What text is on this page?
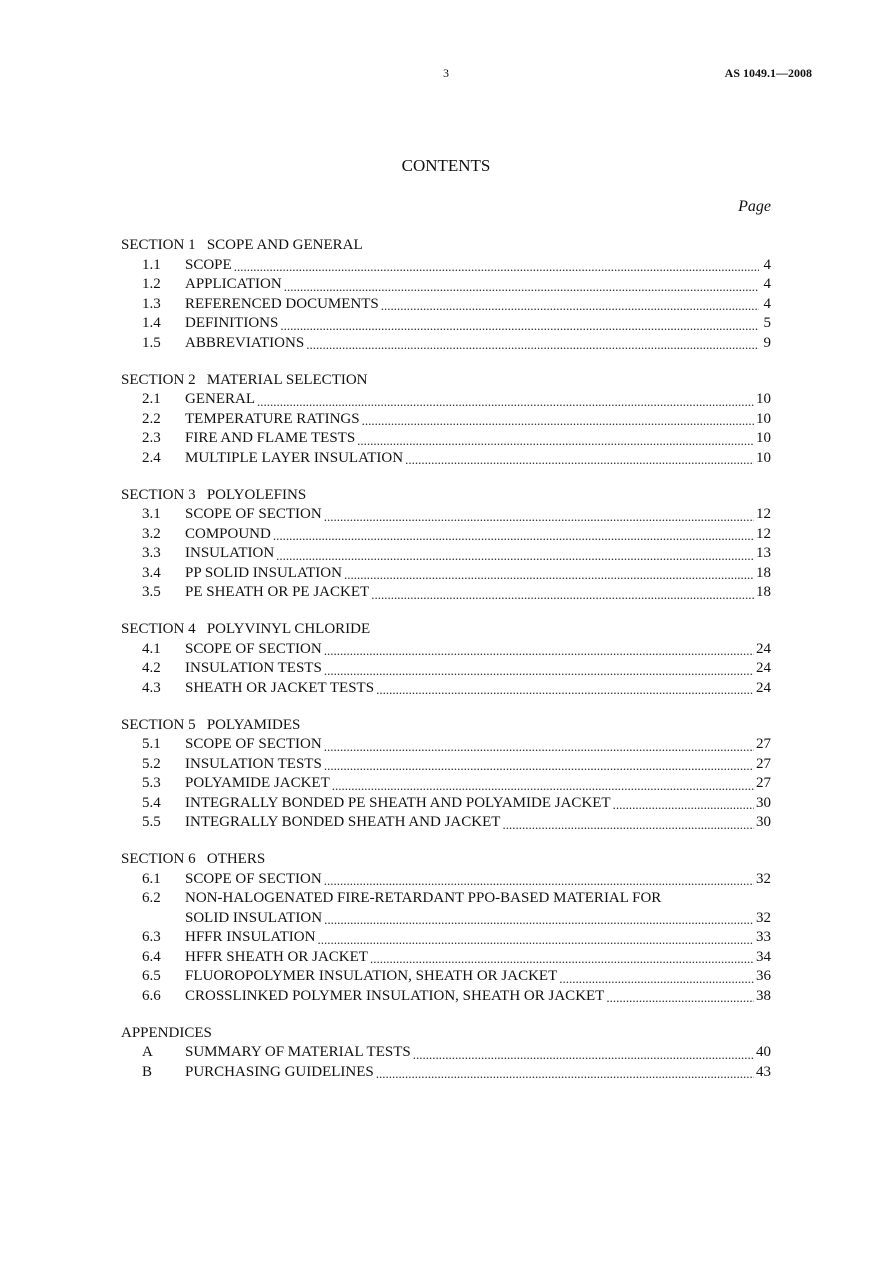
3	AS 1049.1—2008
CONTENTS
Page
SECTION 1   SCOPE AND GENERAL
1.1	SCOPE .....	4
1.2	APPLICATION .....	4
1.3	REFERENCED DOCUMENTS .....	4
1.4	DEFINITIONS .....	5
1.5	ABBREVIATIONS .....	9
SECTION 2   MATERIAL SELECTION
2.1	GENERAL .....	10
2.2	TEMPERATURE RATINGS .....	10
2.3	FIRE AND FLAME TESTS .....	10
2.4	MULTIPLE LAYER INSULATION .....	10
SECTION 3   POLYOLEFINS
3.1	SCOPE OF SECTION .....	12
3.2	COMPOUND .....	12
3.3	INSULATION .....	13
3.4	PP SOLID INSULATION .....	18
3.5	PE SHEATH OR PE JACKET .....	18
SECTION 4   POLYVINYL CHLORIDE
4.1	SCOPE OF SECTION .....	24
4.2	INSULATION TESTS .....	24
4.3	SHEATH OR JACKET TESTS .....	24
SECTION 5   POLYAMIDES
5.1	SCOPE OF SECTION .....	27
5.2	INSULATION TESTS .....	27
5.3	POLYAMIDE JACKET .....	27
5.4	INTEGRALLY BONDED PE SHEATH AND POLYAMIDE JACKET .....	30
5.5	INTEGRALLY BONDED SHEATH AND JACKET .....	30
SECTION 6   OTHERS
6.1	SCOPE OF SECTION .....	32
6.2	NON-HALOGENATED FIRE-RETARDANT PPO-BASED MATERIAL FOR
SOLID INSULATION .....	32
6.3	HFFR INSULATION .....	33
6.4	HFFR SHEATH OR JACKET .....	34
6.5	FLUOROPOLYMER INSULATION, SHEATH OR JACKET .....	36
6.6	CROSSLINKED POLYMER INSULATION, SHEATH OR JACKET .....	38
APPENDICES
A	SUMMARY OF MATERIAL TESTS .....	40
B	PURCHASING GUIDELINES .....	43
